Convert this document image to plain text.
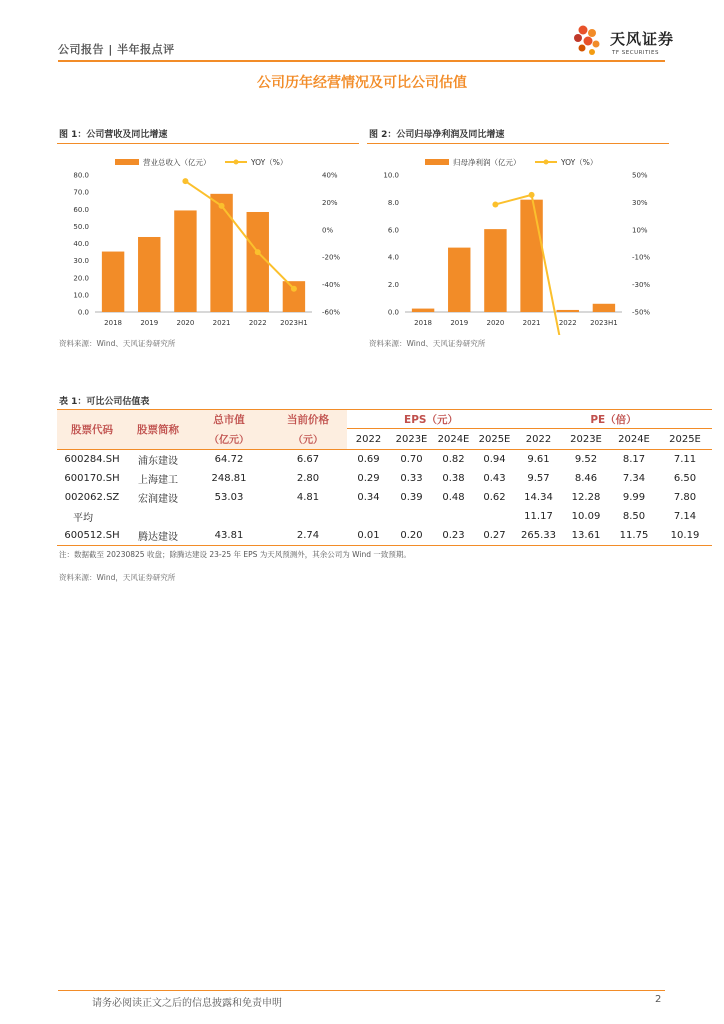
公司报告 | 半年报点评
天风证券
TF SECURITIES
公司历年经营情况及可比公司估值
图 1：公司营收及同比增速
营业总收入（亿元）	YOY（%）
0.0
10.0
20.0
30.0
40.0
50.0
60.0
70.0
80.0
-60%
-40%
-20%
0%
20%
40%
2018	2019	2020	2021	2022 2023H1
资料来源：Wind、天风证券研究所
图 2：公司归母净利润及同比增速
归母净利润（亿元）	YOY（%）
0.0
2.0
4.0
6.0
8.0
10.0
-50%
-30%
-10%
10%
30%
50%
2018	2019	2020	2021	2022 2023H1
资料来源：Wind、天风证券研究所
表 1：可比公司估值表
股票代码	股票简称	总市值	当前价格	EPS（元）				PE（倍）			
		（亿元）	（元）	2022	2023E	2024E	2025E	2022	2023E	2024E	2025E
600284.SH	浦东建设	64.72	6.67	0.69	0.70	0.82	0.94	9.61	9.52	8.17	7.11
600170.SH	上海建工	248.81	2.80	0.29	0.33	0.38	0.43	9.57	8.46	7.34	6.50
002062.SZ	宏润建设	53.03	4.81	0.34	0.39	0.48	0.62	14.34	12.28	9.99	7.80
平均								11.17	10.09	8.50	7.14
600512.SH	腾达建设	43.81	2.74	0.01	0.20	0.23	0.27	265.33	13.61	11.75	10.19
注：数据截至 20230825 收盘；除腾达建设 23-25 年 EPS 为天风预测外，其余公司为 Wind 一致预期。
资料来源：Wind，天风证券研究所
请务必阅读正文之后的信息披露和免责申明	2
